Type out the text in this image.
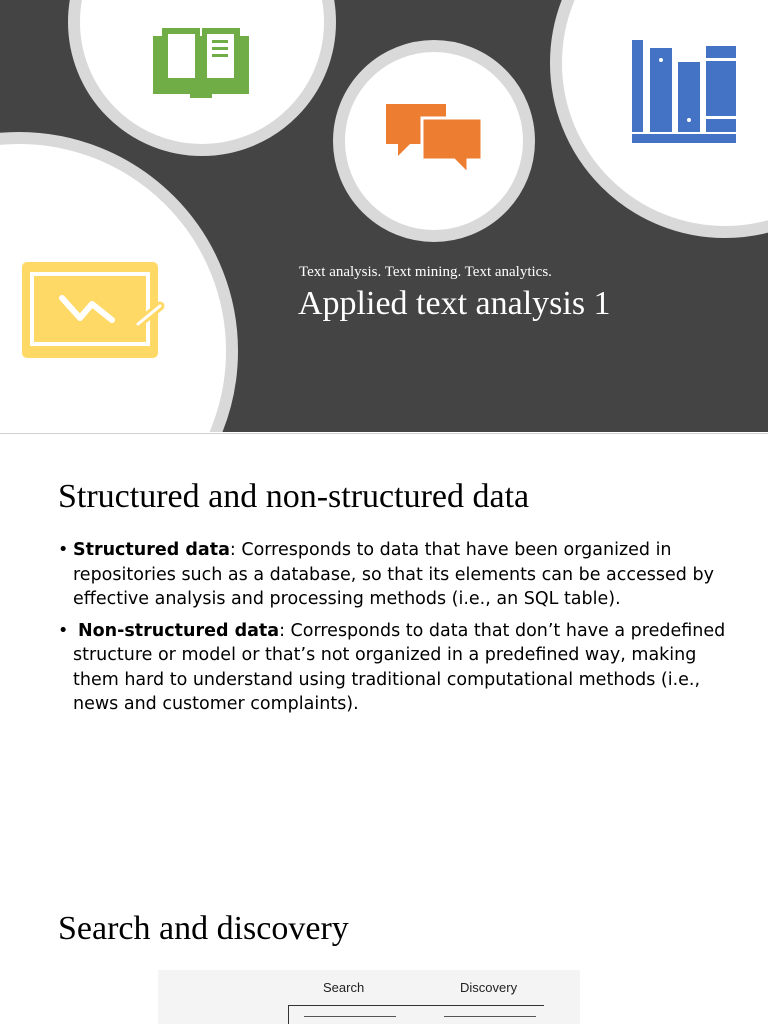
Text analysis. Text mining. Text analytics.
Applied text analysis 1
Structured and non-structured data
• Structured data: Corresponds to data that have been organized in repositories such as a database, so that its elements can be accessed by effective analysis and processing methods (i.e., an SQL table).
• Non-structured data: Corresponds to data that don’t have a predefined structure or model or that’s not organized in a predefined way, making them hard to understand using traditional computational methods (i.e., news and customer complaints).
Search and discovery
Search	Discovery
